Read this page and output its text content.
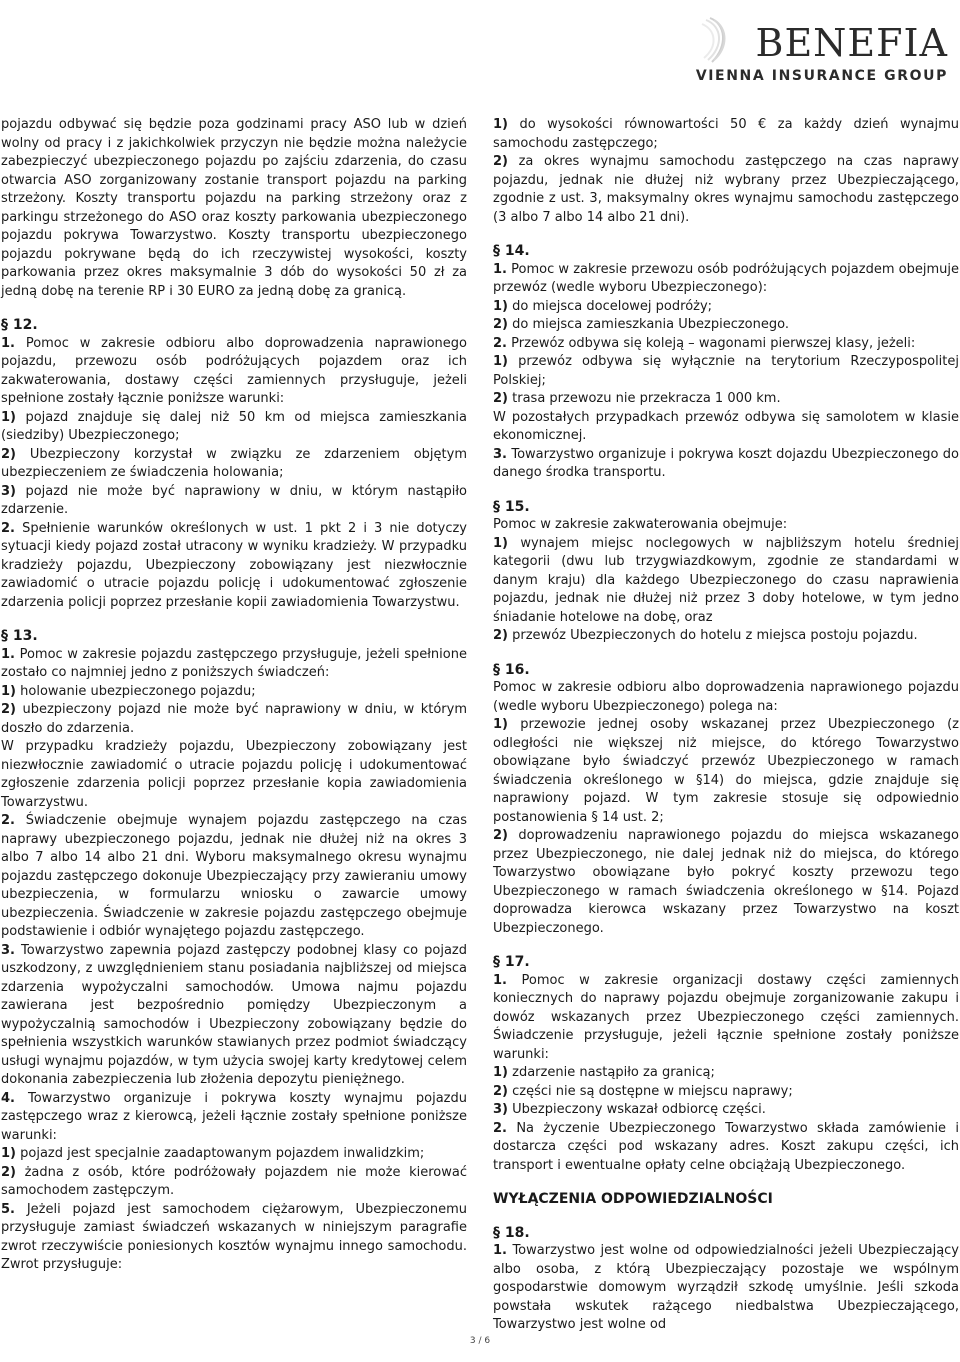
BENEFIA
VIENNA INSURANCE GROUP

pojazdu odbywać się będzie poza godzinami pracy ASO lub w dzień wolny od pracy i z jakichkolwiek przyczyn nie będzie można należycie zabezpieczyć ubezpieczonego pojazdu po zajściu zdarzenia, do czasu otwarcia ASO zorganizowany zostanie transport pojazdu na parking strzeżony. Koszty transportu pojazdu na parking strzeżony oraz z parkingu strzeżonego do ASO oraz koszty parkowania ubezpieczonego pojazdu pokrywa Towarzystwo. Koszty transportu ubezpieczonego pojazdu pokrywane będą do ich rzeczywistej wysokości, koszty parkowania przez okres maksymalnie 3 dób do wysokości 50 zł za jedną dobę na terenie RP i 30 EURO za jedną dobę za granicą.

§ 12.

1. Pomoc w zakresie odbioru albo doprowadzenia naprawionego pojazdu, przewozu osób podróżujących pojazdem oraz ich zakwaterowania, dostawy części zamiennych przysługuje, jeżeli spełnione zostały łącznie poniższe warunki:

1) pojazd znajduje się dalej niż 50 km od miejsca zamieszkania (siedziby) Ubezpieczonego;

2) Ubezpieczony korzystał w związku ze zdarzeniem objętym ubezpieczeniem ze świadczenia holowania;

3) pojazd nie może być naprawiony w dniu, w którym nastąpiło zdarzenie.

2. Spełnienie warunków określonych w ust. 1 pkt 2 i 3 nie dotyczy sytuacji kiedy pojazd został utracony w wyniku kradzieży. W przypadku kradzieży pojazdu, Ubezpieczony zobowiązany jest niezwłocznie zawiadomić o utracie pojazdu policję i udokumentować zgłoszenie zdarzenia policji poprzez przesłanie kopii zawiadomienia Towarzystwu.

§ 13.

1. Pomoc w zakresie pojazdu zastępczego przysługuje, jeżeli spełnione zostało co najmniej jedno z poniższych świadczeń:

1) holowanie ubezpieczonego pojazdu;

2) ubezpieczony pojazd nie może być naprawiony w dniu, w którym doszło do zdarzenia.

W przypadku kradzieży pojazdu, Ubezpieczony zobowiązany jest niezwłocznie zawiadomić o utracie pojazdu policję i udokumentować zgłoszenie zdarzenia policji poprzez przesłanie kopia zawiadomienia Towarzystwu.

2. Świadczenie obejmuje wynajem pojazdu zastępczego na czas naprawy ubezpieczonego pojazdu, jednak nie dłużej niż na okres 3 albo 7 albo 14 albo 21 dni. Wyboru maksymalnego okresu wynajmu pojazdu zastępczego dokonuje Ubezpieczający przy zawieraniu umowy ubezpieczenia, w formularzu wniosku o zawarcie umowy ubezpieczenia. Świadczenie w zakresie pojazdu zastępczego obejmuje podstawienie i odbiór wynajętego pojazdu zastępczego.

3. Towarzystwo zapewnia pojazd zastępczy podobnej klasy co pojazd uszkodzony, z uwzględnieniem stanu posiadania najbliższej od miejsca zdarzenia wypożyczalni samochodów. Umowa najmu pojazdu zawierana jest bezpośrednio pomiędzy Ubezpieczonym a wypożyczalnią samochodów i Ubezpieczony zobowiązany będzie do spełnienia wszystkich warunków stawianych przez podmiot świadczący usługi wynajmu pojazdów, w tym użycia swojej karty kredytowej celem dokonania zabezpieczenia lub złożenia depozytu pieniężnego.

4. Towarzystwo organizuje i pokrywa koszty wynajmu pojazdu zastępczego wraz z kierowcą, jeżeli łącznie zostały spełnione poniższe warunki:

1) pojazd jest specjalnie zaadaptowanym pojazdem inwalidzkim;

2) żadna z osób, które podróżowały pojazdem nie może kierować samochodem zastępczym.

5. Jeżeli pojazd jest samochodem ciężarowym, Ubezpieczonemu przysługuje zamiast świadczeń wskazanych w niniejszym paragrafie zwrot rzeczywiście poniesionych kosztów wynajmu innego samochodu. Zwrot przysługuje:

1) do wysokości równowartości 50 € za każdy dzień wynajmu samochodu zastępczego;

2) za okres wynajmu samochodu zastępczego na czas naprawy pojazdu, jednak nie dłużej niż wybrany przez Ubezpieczającego, zgodnie z ust. 3, maksymalny okres wynajmu samochodu zastępczego (3 albo 7 albo 14 albo 21 dni).

§ 14.

1. Pomoc w zakresie przewozu osób podróżujących pojazdem obejmuje przewóz (wedle wyboru Ubezpieczonego):

1) do miejsca docelowej podróży;

2) do miejsca zamieszkania Ubezpieczonego.

2. Przewóz odbywa się koleją – wagonami pierwszej klasy, jeżeli:

1) przewóz odbywa się wyłącznie na terytorium Rzeczypospolitej Polskiej;

2) trasa przewozu nie przekracza 1 000 km.

W pozostałych przypadkach przewóz odbywa się samolotem w klasie ekonomicznej.

3. Towarzystwo organizuje i pokrywa koszt dojazdu Ubezpieczonego do danego środka transportu.

§ 15.

Pomoc w zakresie zakwaterowania obejmuje:

1) wynajem miejsc noclegowych w najbliższym hotelu średniej kategorii (dwu lub trzygwiazdkowym, zgodnie ze standardami w danym kraju) dla każdego Ubezpieczonego do czasu naprawienia pojazdu, jednak nie dłużej niż przez 3 doby hotelowe, w tym jedno śniadanie hotelowe na dobę, oraz

2) przewóz Ubezpieczonych do hotelu z miejsca postoju pojazdu.

§ 16.

Pomoc w zakresie odbioru albo doprowadzenia naprawionego pojazdu (wedle wyboru Ubezpieczonego) polega na:

1) przewozie jednej osoby wskazanej przez Ubezpieczonego (z odległości nie większej niż miejsce, do którego Towarzystwo obowiązane było świadczyć przewóz Ubezpieczonego w ramach świadczenia określonego w §14) do miejsca, gdzie znajduje się naprawiony pojazd. W tym zakresie stosuje się odpowiednio postanowienia § 14 ust. 2;

2) doprowadzeniu naprawionego pojazdu do miejsca wskazanego przez Ubezpieczonego, nie dalej jednak niż do miejsca, do którego Towarzystwo obowiązane było pokryć koszty przewozu tego Ubezpieczonego w ramach świadczenia określonego w §14. Pojazd doprowadza kierowca wskazany przez Towarzystwo na koszt Ubezpieczonego.

§ 17.

1. Pomoc w zakresie organizacji dostawy części zamiennych koniecznych do naprawy pojazdu obejmuje zorganizowanie zakupu i dowóz wskazanych przez Ubezpieczonego części zamiennych. Świadczenie przysługuje, jeżeli łącznie spełnione zostały poniższe warunki:

1) zdarzenie nastąpiło za granicą;

2) części nie są dostępne w miejscu naprawy;

3) Ubezpieczony wskazał odbiorcę części.

2. Na życzenie Ubezpieczonego Towarzystwo składa zamówienie i dostarcza części pod wskazany adres. Koszt zakupu części, ich transport i ewentualne opłaty celne obciążają Ubezpieczonego.

WYŁĄCZENIA ODPOWIEDZIALNOŚCI

§ 18.

1. Towarzystwo jest wolne od odpowiedzialności jeżeli Ubezpieczający albo osoba, z którą Ubezpieczający pozostaje we wspólnym gospodarstwie domowym wyrządził szkodę umyślnie. Jeśli szkoda powstała wskutek rażącego niedbalstwa Ubezpieczającego, Towarzystwo jest wolne od

3 / 6
